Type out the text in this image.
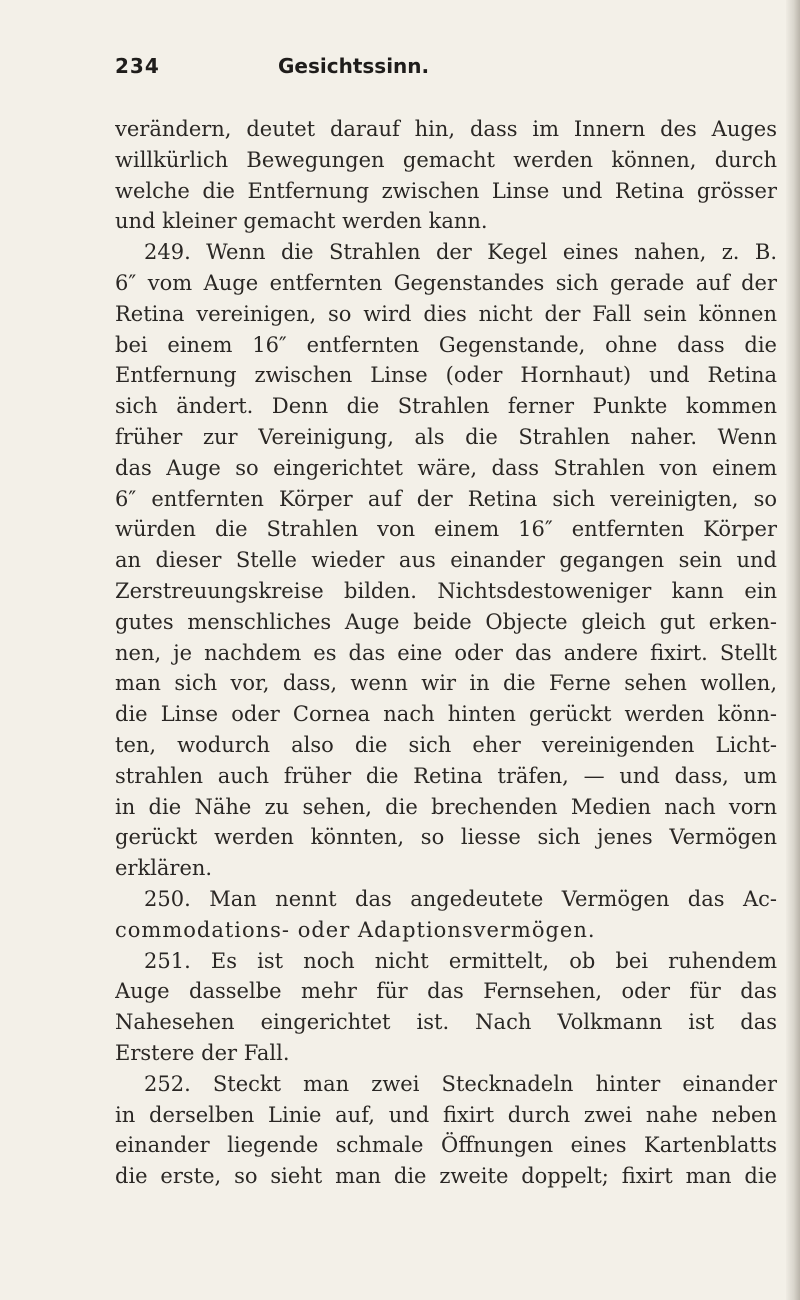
234	Gesichtssinn.
verändern, deutet darauf hin, dass im Innern des Auges
willkürlich Bewegungen gemacht werden können, durch
welche die Entfernung zwischen Linse und Retina grösser
und kleiner gemacht werden kann.
249. Wenn die Strahlen der Kegel eines nahen, z. B.
6″ vom Auge entfernten Gegenstandes sich gerade auf der
Retina vereinigen, so wird dies nicht der Fall sein können
bei einem 16″ entfernten Gegenstande, ohne dass die
Entfernung zwischen Linse (oder Hornhaut) und Retina
sich ändert. Denn die Strahlen ferner Punkte kommen
früher zur Vereinigung, als die Strahlen naher. Wenn
das Auge so eingerichtet wäre, dass Strahlen von einem
6″ entfernten Körper auf der Retina sich vereinigten, so
würden die Strahlen von einem 16″ entfernten Körper
an dieser Stelle wieder aus einander gegangen sein und
Zerstreuungskreise bilden. Nichtsdestoweniger kann ein
gutes menschliches Auge beide Objecte gleich gut erken-
nen, je nachdem es das eine oder das andere fixirt. Stellt
man sich vor, dass, wenn wir in die Ferne sehen wollen,
die Linse oder Cornea nach hinten gerückt werden könn-
ten, wodurch also die sich eher vereinigenden Licht-
strahlen auch früher die Retina träfen, — und dass, um
in die Nähe zu sehen, die brechenden Medien nach vorn
gerückt werden könnten, so liesse sich jenes Vermögen
erklären.
250. Man nennt das angedeutete Vermögen das Ac-
commodations- oder Adaptionsvermögen.
251. Es ist noch nicht ermittelt, ob bei ruhendem
Auge dasselbe mehr für das Fernsehen, oder für das
Nahesehen eingerichtet ist. Nach Volkmann ist das
Erstere der Fall.
252. Steckt man zwei Stecknadeln hinter einander
in derselben Linie auf, und fixirt durch zwei nahe neben
einander liegende schmale Öffnungen eines Kartenblatts
die erste, so sieht man die zweite doppelt; fixirt man die
